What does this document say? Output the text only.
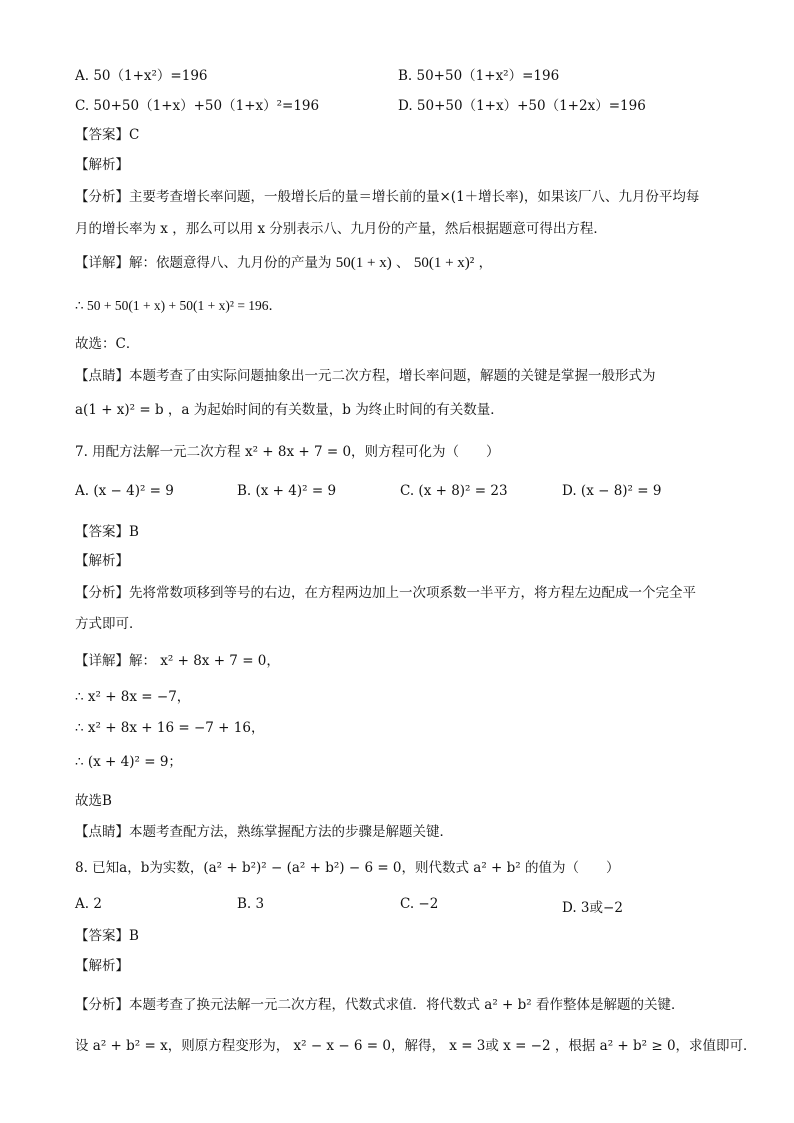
A. 50（1+x²）=196	B. 50+50（1+x²）=196
C. 50+50（1+x）+50（1+x）²=196	D. 50+50（1+x）+50（1+2x）=196
【答案】C
【解析】
【分析】主要考查增长率问题，一般增长后的量＝增长前的量×(1＋增长率)，如果该厂八、九月份平均每
月的增长率为 x ，那么可以用 x 分别表示八、九月份的产量，然后根据题意可得出方程．
【详解】解：依题意得八、九月份的产量为 50(1 + x) 、 50(1 + x)² ，
∴ 50 + 50(1 + x) + 50(1 + x)² = 196．
故选：C．
【点睛】本题考查了由实际问题抽象出一元二次方程，增长率问题，解题的关键是掌握一般形式为
a(1 + x)² = b ，a 为起始时间的有关数量，b 为终止时间的有关数量．
7. 用配方法解一元二次方程 x² + 8x + 7 = 0，则方程可化为（　　）
A. (x − 4)² = 9	B. (x + 4)² = 9	C. (x + 8)² = 23	D. (x − 8)² = 9
【答案】B
【解析】
【分析】先将常数项移到等号的右边，在方程两边加上一次项系数一半平方，将方程左边配成一个完全平
方式即可．
【详解】解： x² + 8x + 7 = 0，
∴ x² + 8x = −7，
∴ x² + 8x + 16 = −7 + 16，
∴ (x + 4)² = 9；
故选B
【点睛】本题考查配方法，熟练掌握配方法的步骤是解题关键．
8. 已知a，b为实数，(a² + b²)² − (a² + b²) − 6 = 0，则代数式 a² + b² 的值为（　　）
A. 2	B. 3	C. −2	D. 3或−2
【答案】B
【解析】
【分析】本题考查了换元法解一元二次方程，代数式求值．将代数式 a² + b² 看作整体是解题的关键．
设 a² + b² = x，则原方程变形为， x² − x − 6 = 0，解得， x = 3或 x = −2 ，根据 a² + b² ≥ 0，求值即可．
